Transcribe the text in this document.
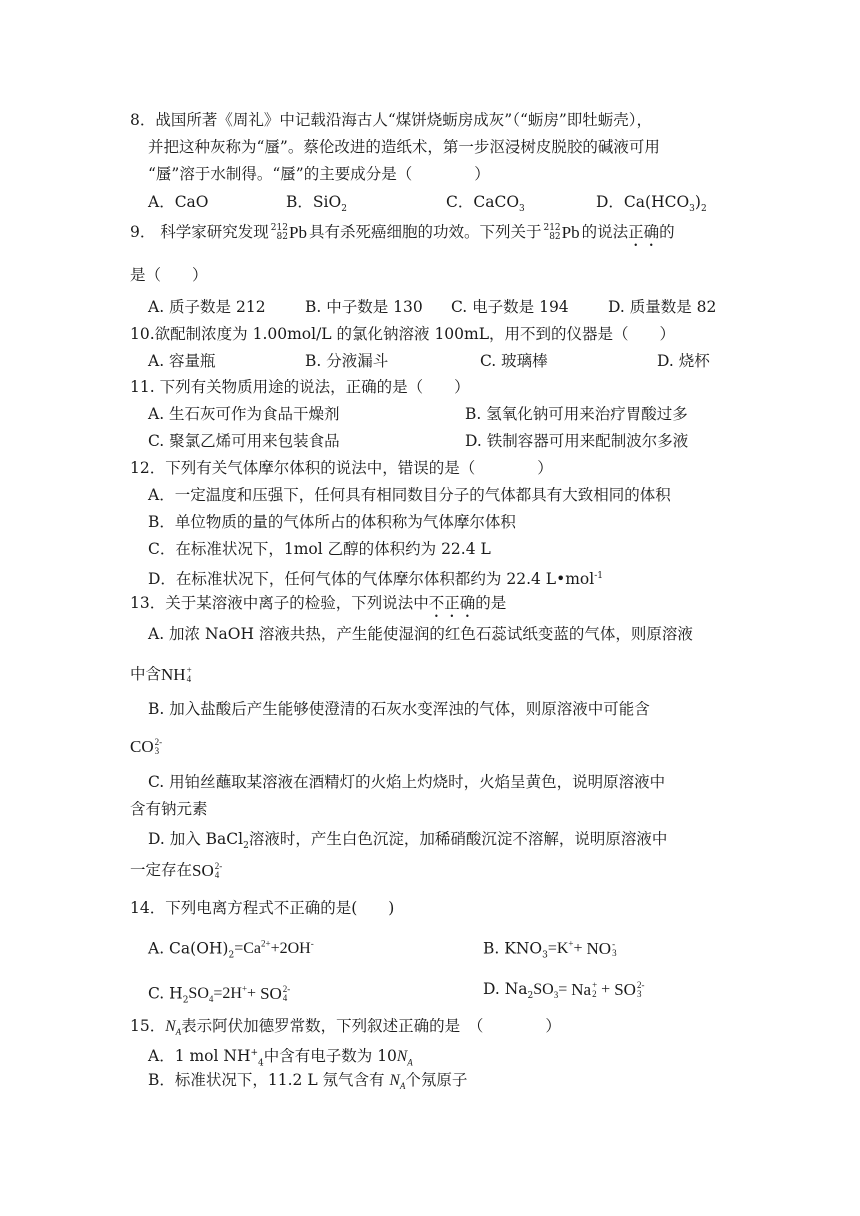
8．战国所著《周礼》中记载沿海古人“煤饼烧蛎房成灰”（“蛎房”即牡蛎壳），
并把这种灰称为“蜃”。蔡伦改进的造纸术，第一步沤浸树皮脱胶的碱液可用
“蜃”溶于水制得。“蜃”的主要成分是（　　　　）
A．CaO	B．SiO$_2$	C．CaCO$_3$	D．$Ca(HCO_3)_2$
9． 科学家研究发现 212
82 Pb 具有杀死癌细胞的功效。下列关于 212
82 Pb 的说法正确的
是（　　）
A. 质子数是 212	B. 中子数是 130 C. 电子数是 194	D. 质量数是 82
10.欲配制浓度为 1.00mol/L 的氯化钠溶液 100mL，用不到的仪器是（　　）
A. 容量瓶	B. 分液漏斗	C. 玻璃棒	D. 烧杯
11. 下列有关物质用途的说法，正确的是（　　）
A. 生石灰可作为食品干燥剂	B. 氢氧化钠可用来治疗胃酸过多
C. 聚氯乙烯可用来包装食品	D. 铁制容器可用来配制波尔多液
12．下列有关气体摩尔体积的说法中，错误的是（　　　　）
A．一定温度和压强下，任何具有相同数目分子的气体都具有大致相同的体积
B．单位物质的量的气体所占的体积称为气体摩尔体积
C．在标准状况下，1mol 乙醇的体积约为 22.4 L
D．在标准状况下，任何气体的气体摩尔体积都约为 22.4 L•mol$^{-1}$
13．关于某溶液中离子的检验，下列说法中不正确的是
A. 加浓 NaOH 溶液共热，产生能使湿润的红色石蕊试纸变蓝的气体，则原溶液
中含NH +
4
B. 加入盐酸后产生能够使澄清的石灰水变浑浊的气体，则原溶液中可能含
CO 2-
3
C. 用铂丝蘸取某溶液在酒精灯的火焰上灼烧时，火焰呈黄色，说明原溶液中
含有钠元素
D. 加入 BaCl$_2$溶液时，产生白色沉淀，加稀硝酸沉淀不溶解，说明原溶液中
一定存在SO 2-
4
14．下列电离方程式不正确的是(　　)
A. $Ca(OH)_2=Ca^{2+}+2OH^-$	B. $KNO_3=K^++$ NO -
3
C. $H_2SO_4=2H^++$ SO 2-
4
D. $Na_2SO_3= Na$ +
2 + SO 2-
3
15．$N_A$表示阿伏加德罗常数，下列叙述正确的是　（　　　　）
A．1 mol $NH^+_4$中含有电子数为 $10N_A$
B．标准状况下，11.2 L 氖气含有 $N_A$个氖原子
